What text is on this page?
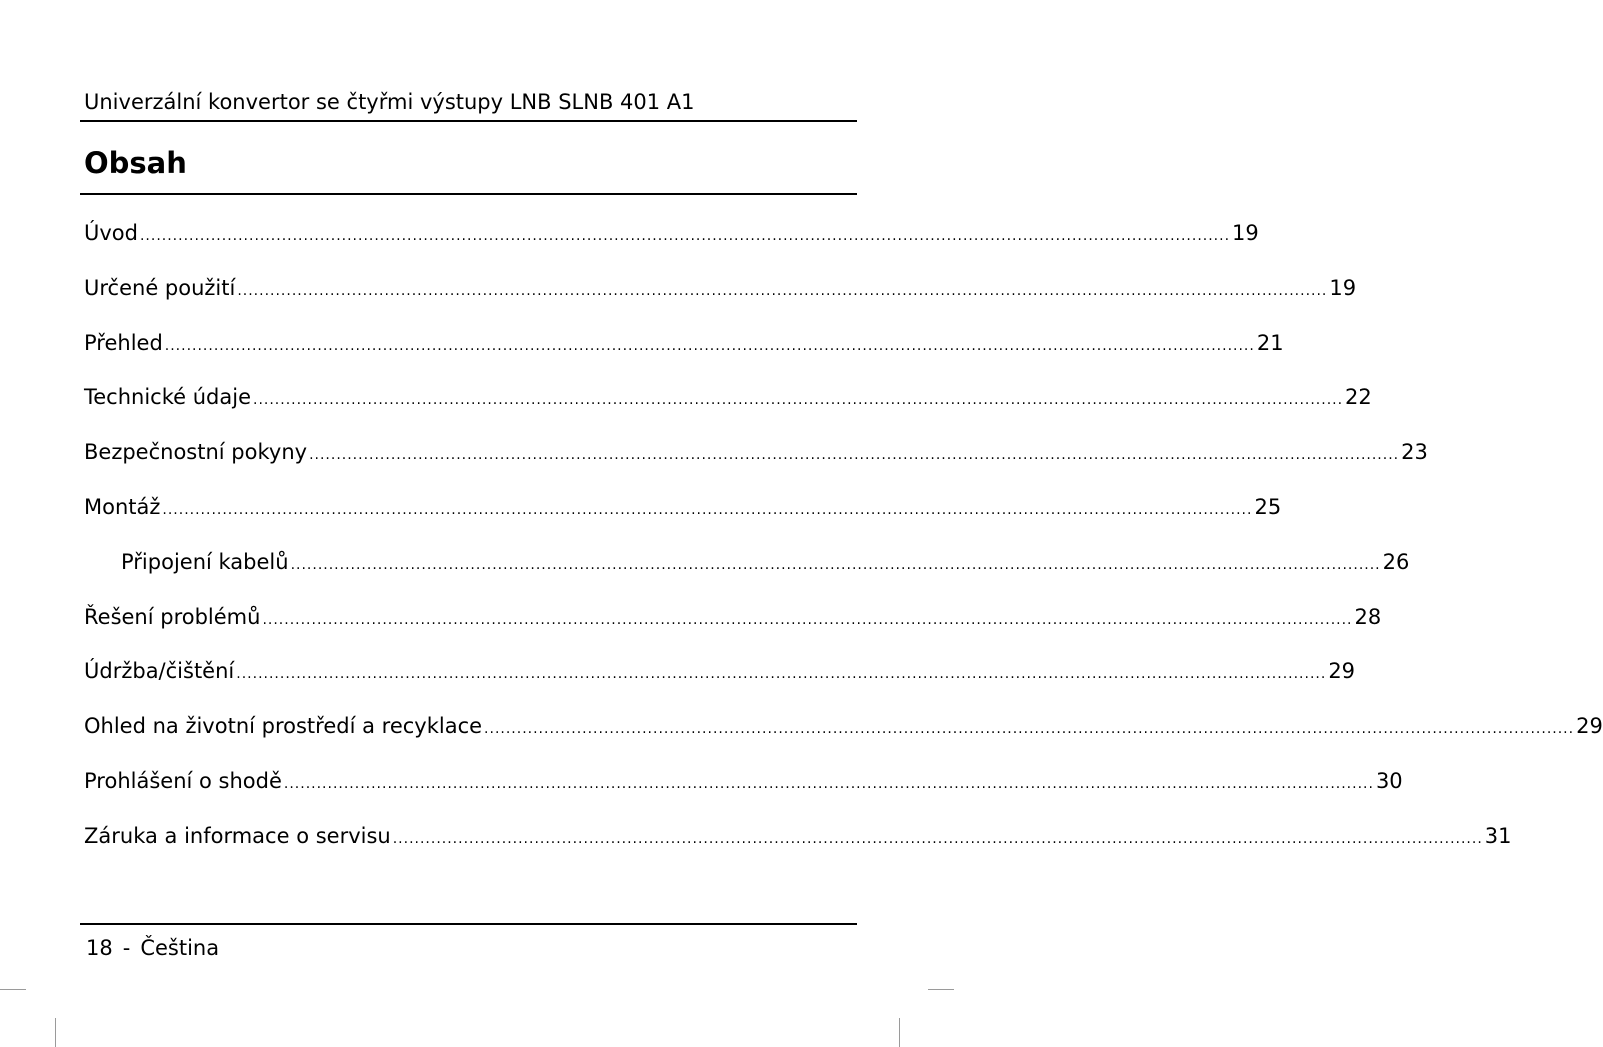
Univerzální konvertor se čtyřmi výstupy LNB SLNB 401 A1
Obsah
Úvod ........................................................................................................................................................................................................ 19
Určené použití ........................................................................................................................................................................................................ 19
Přehled ........................................................................................................................................................................................................ 21
Technické údaje ........................................................................................................................................................................................................ 22
Bezpečnostní pokyny ........................................................................................................................................................................................................ 23
Montáž ........................................................................................................................................................................................................ 25
Připojení kabelů ........................................................................................................................................................................................................ 26
Řešení problémů ........................................................................................................................................................................................................ 28
Údržba/čištění ........................................................................................................................................................................................................ 29
Ohled na životní prostředí a recyklace ........................................................................................................................................................................................................ 29
Prohlášení o shodě ........................................................................................................................................................................................................ 30
Záruka a informace o servisu ........................................................................................................................................................................................................ 31
18 - Čeština
